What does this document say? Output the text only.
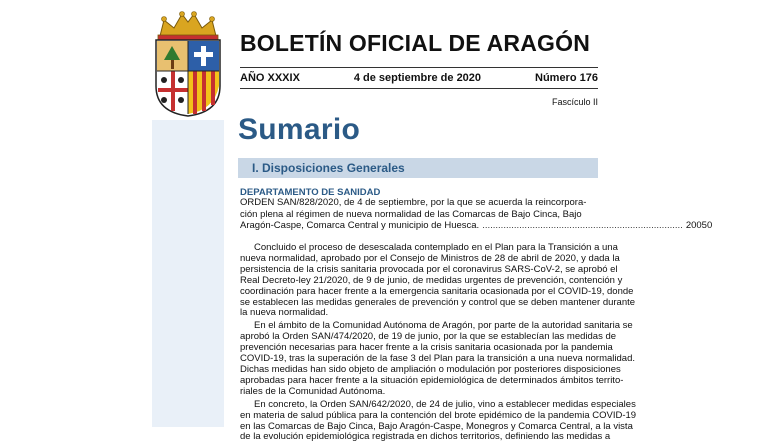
BOLETÍN OFICIAL DE ARAGÓN
AÑO XXXIX	4 de septiembre de 2020	Número 176
Fascículo II
Sumario
I. Disposiciones Generales
DEPARTAMENTO DE SANIDAD
ORDEN SAN/828/2020, de 4 de septiembre, por la que se acuerda la reincorpora-
ción plena al régimen de nueva normalidad de las Comarcas de Bajo Cinca, Bajo
Aragón-Caspe, Comarca Central y municipio de Huesca. ............................................................................ 20050

Concluido el proceso de desescalada contemplado en el Plan para la Transición a una
nueva normalidad, aprobado por el Consejo de Ministros de 28 de abril de 2020, y dada la
persistencia de la crisis sanitaria provocada por el coronavirus SARS-CoV-2, se aprobó el
Real Decreto-ley 21/2020, de 9 de junio, de medidas urgentes de prevención, contención y
coordinación para hacer frente a la emergencia sanitaria ocasionada por el COVID-19, donde
se establecen las medidas generales de prevención y control que se deben mantener durante
la nueva normalidad.

En el ámbito de la Comunidad Autónoma de Aragón, por parte de la autoridad sanitaria se
aprobó la Orden SAN/474/2020, de 19 de junio, por la que se establecían las medidas de
prevención necesarias para hacer frente a la crisis sanitaria ocasionada por la pandemia
COVID-19, tras la superación de la fase 3 del Plan para la transición a una nueva normalidad.
Dichas medidas han sido objeto de ampliación o modulación por posteriores disposiciones
aprobadas para hacer frente a la situación epidemiológica de determinados ámbitos territo-
riales de la Comunidad Autónoma.

En concreto, la Orden SAN/642/2020, de 24 de julio, vino a establecer medidas especiales
en materia de salud pública para la contención del brote epidémico de la pandemia COVID-19
en las Comarcas de Bajo Cinca, Bajo Aragón-Caspe, Monegros y Comarca Central, a la vista
de la evolución epidemiológica registrada en dichos territorios, definiendo las medidas a
